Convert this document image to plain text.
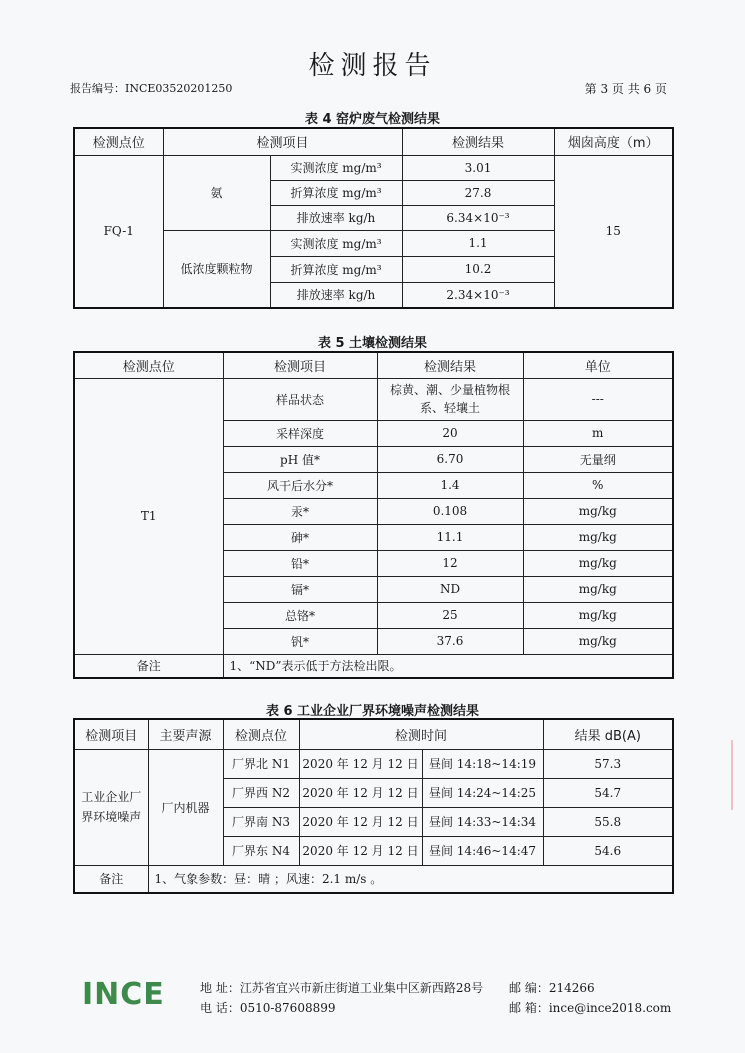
检测报告
报告编号：INCE03520201250	第 3 页 共 6 页
表 4 窑炉废气检测结果
检测点位	检测项目		检测结果	烟囱高度（m）
FQ-1	氨	实测浓度 mg/m³	3.01	15
		折算浓度 mg/m³	27.8	
		排放速率 kg/h	6.34×10⁻³	
	低浓度颗粒物	实测浓度 mg/m³	1.1	
		折算浓度 mg/m³	10.2	
		排放速率 kg/h	2.34×10⁻³	
表 5 土壤检测结果
检测点位	检测项目	检测结果	单位
T1	样品状态	棕黄、潮、少量植物根系、轻壤土	---
	采样深度	20	m
	pH 值*	6.70	无量纲
	风干后水分*	1.4	%
	汞*	0.108	mg/kg
	砷*	11.1	mg/kg
	铅*	12	mg/kg
	镉*	ND	mg/kg
	总铬*	25	mg/kg
	钒*	37.6	mg/kg
备注	1、“ND”表示低于方法检出限。		
表 6 工业企业厂界环境噪声检测结果
检测项目	主要声源	检测点位	检测时间		结果 dB(A)
工业企业厂界环境噪声	厂内机器	厂界北 N1	2020 年 12 月 12 日	昼间 14:18~14:19	57.3
		厂界西 N2	2020 年 12 月 12 日	昼间 14:24~14:25	54.7
		厂界南 N3	2020 年 12 月 12 日	昼间 14:33~14:34	55.8
		厂界东 N4	2020 年 12 月 12 日	昼间 14:46~14:47	54.6
备注	1、气象参数：昼：晴 ；风速：2.1 m/s 。				
INCE	地 址：江苏省宜兴市新庄街道工业集中区新西路28号 邮 编：214266
电 话：0510-87608899	邮 箱：ince@ince2018.com
